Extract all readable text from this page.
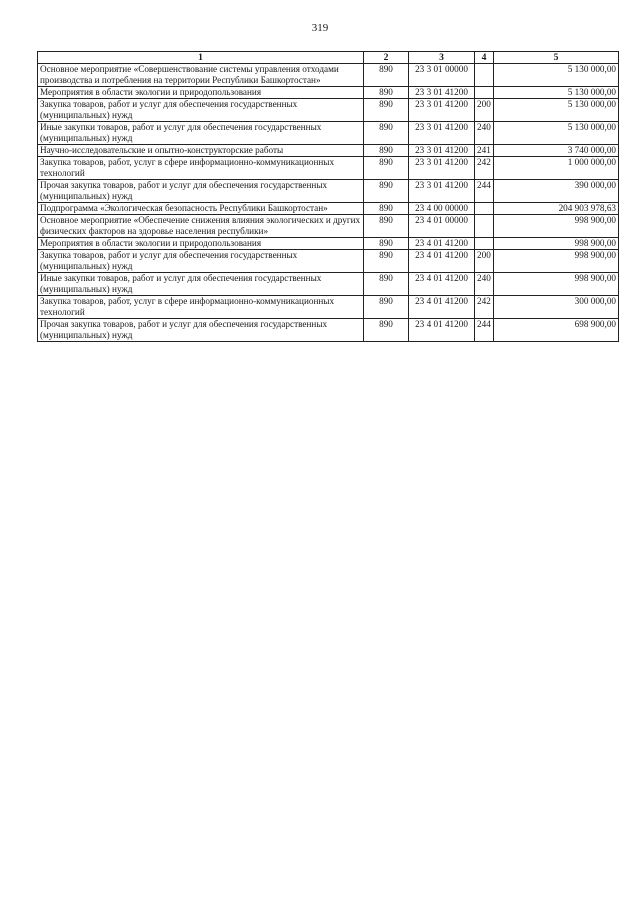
319
1	2	3	4	5
Основное мероприятие «Совершенствование системы управления отходами производства и потребления на территории Республики Башкортостан»	890	23 3 01 00000		5 130 000,00
Мероприятия в области экологии и природопользования	890	23 3 01 41200		5 130 000,00
Закупка товаров, работ и услуг для обеспечения государственных (муниципальных) нужд	890	23 3 01 41200	200	5 130 000,00
Иные закупки товаров, работ и услуг для обеспечения государственных (муниципальных) нужд	890	23 3 01 41200	240	5 130 000,00
Научно-исследовательские и опытно-конструкторские работы	890	23 3 01 41200	241	3 740 000,00
Закупка товаров, работ, услуг в сфере информационно-коммуникационных технологий	890	23 3 01 41200	242	1 000 000,00
Прочая закупка товаров, работ и услуг для обеспечения государственных (муниципальных) нужд	890	23 3 01 41200	244	390 000,00
Подпрограмма «Экологическая безопасность Республики Башкортостан»	890	23 4 00 00000		204 903 978,63
Основное мероприятие «Обеспечение снижения влияния экологических и других физических факторов на здоровье населения республики»	890	23 4 01 00000		998 900,00
Мероприятия в области экологии и природопользования	890	23 4 01 41200		998 900,00
Закупка товаров, работ и услуг для обеспечения государственных (муниципальных) нужд	890	23 4 01 41200	200	998 900,00
Иные закупки товаров, работ и услуг для обеспечения государственных (муниципальных) нужд	890	23 4 01 41200	240	998 900,00
Закупка товаров, работ, услуг в сфере информационно-коммуникационных технологий	890	23 4 01 41200	242	300 000,00
Прочая закупка товаров, работ и услуг для обеспечения государственных (муниципальных) нужд	890	23 4 01 41200	244	698 900,00
